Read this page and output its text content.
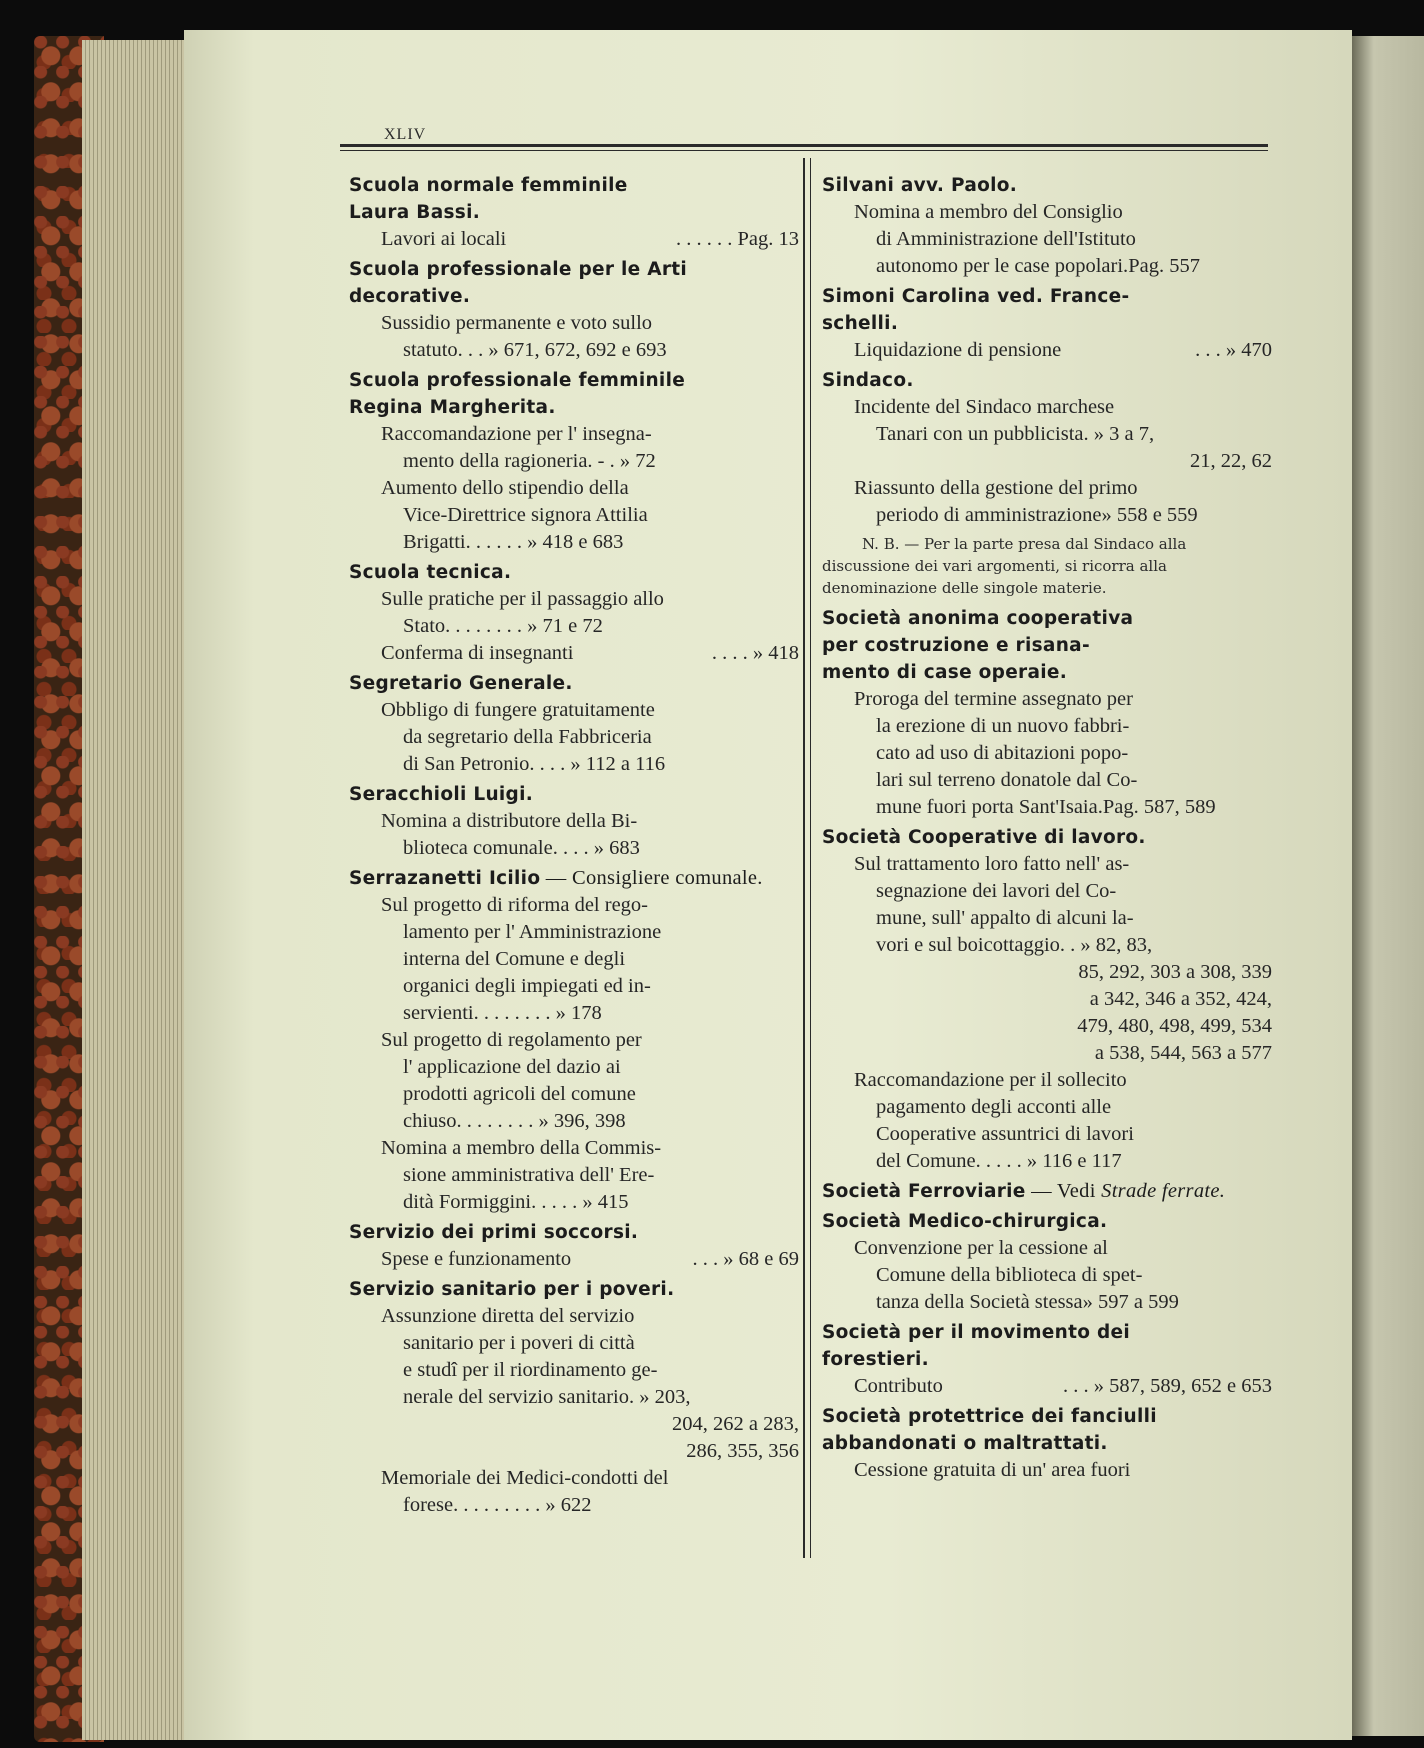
XLIV
Scuola normale femminile
Laura Bassi.
Lavori ai locali	. . . . . . Pag. 13
Scuola professionale per le Arti
decorative.
Sussidio permanente e voto sullo
statuto. . . » 671, 672, 692 e 693
Scuola professionale femminile
Regina Margherita.
Raccomandazione per l' insegna-
mento della ragioneria. - . » 72
Aumento dello stipendio della
Vice-Direttrice signora Attilia
Brigatti. . . . . . » 418 e 683
Scuola tecnica.
Sulle pratiche per il passaggio allo
Stato. . . . . . . . » 71 e 72
Conferma di insegnanti	. . . . » 418
Segretario Generale.
Obbligo di fungere gratuitamente
da segretario della Fabbriceria
di San Petronio. . . . » 112 a 116
Seracchioli Luigi.
Nomina a distributore della Bi-
blioteca comunale. . . . » 683
Serrazanetti Icilio — Consigliere comunale.
Sul progetto di riforma del rego-
lamento per l' Amministrazione
interna del Comune e degli
organici degli impiegati ed in-
servienti. . . . . . . . » 178
Sul progetto di regolamento per
l' applicazione del dazio ai
prodotti agricoli del comune
chiuso. . . . . . . . » 396, 398
Nomina a membro della Commis-
sione amministrativa dell' Ere-
dità Formiggini. . . . . » 415
Servizio dei primi soccorsi.
Spese e funzionamento	. . . » 68 e 69
Servizio sanitario per i poveri.
Assunzione diretta del servizio
sanitario per i poveri di città
e studî per il riordinamento ge-
nerale del servizio sanitario. » 203,
204, 262 a 283,
286, 355, 356
Memoriale dei Medici-condotti del
forese. . . . . . . . . » 622
Silvani avv. Paolo.
Nomina a membro del Consiglio
di Amministrazione dell'Istituto
autonomo per le case popolari.Pag. 557
Simoni Carolina ved. France-
schelli.
Liquidazione di pensione	. . . » 470
Sindaco.
Incidente del Sindaco marchese
Tanari con un pubblicista. » 3 a 7,
21, 22, 62
Riassunto della gestione del primo
periodo di amministrazione» 558 e 559
N. B. — Per la parte presa dal Sindaco alla discussione dei vari argomenti, si ricorra alla denominazione delle singole materie.
Società anonima cooperativa
per costruzione e risana-
mento di case operaie.
Proroga del termine assegnato per
la erezione di un nuovo fabbri-
cato ad uso di abitazioni popo-
lari sul terreno donatole dal Co-
mune fuori porta Sant'Isaia.Pag. 587, 589
Società Cooperative di lavoro.
Sul trattamento loro fatto nell' as-
segnazione dei lavori del Co-
mune, sull' appalto di alcuni la-
vori e sul boicottaggio. . » 82, 83,
85, 292, 303 a 308, 339
a 342, 346 a 352, 424,
479, 480, 498, 499, 534
a 538, 544, 563 a 577
Raccomandazione per il sollecito
pagamento degli acconti alle
Cooperative assuntrici di lavori
del Comune. . . . . » 116 e 117
Società Ferroviarie — Vedi Strade ferrate.
Società Medico-chirurgica.
Convenzione per la cessione al
Comune della biblioteca di spet-
tanza della Società stessa» 597 a 599
Società per il movimento dei
forestieri.
Contributo	. . . » 587, 589, 652 e 653
Società protettrice dei fanciulli
abbandonati o maltrattati.
Cessione gratuita di un' area fuori
